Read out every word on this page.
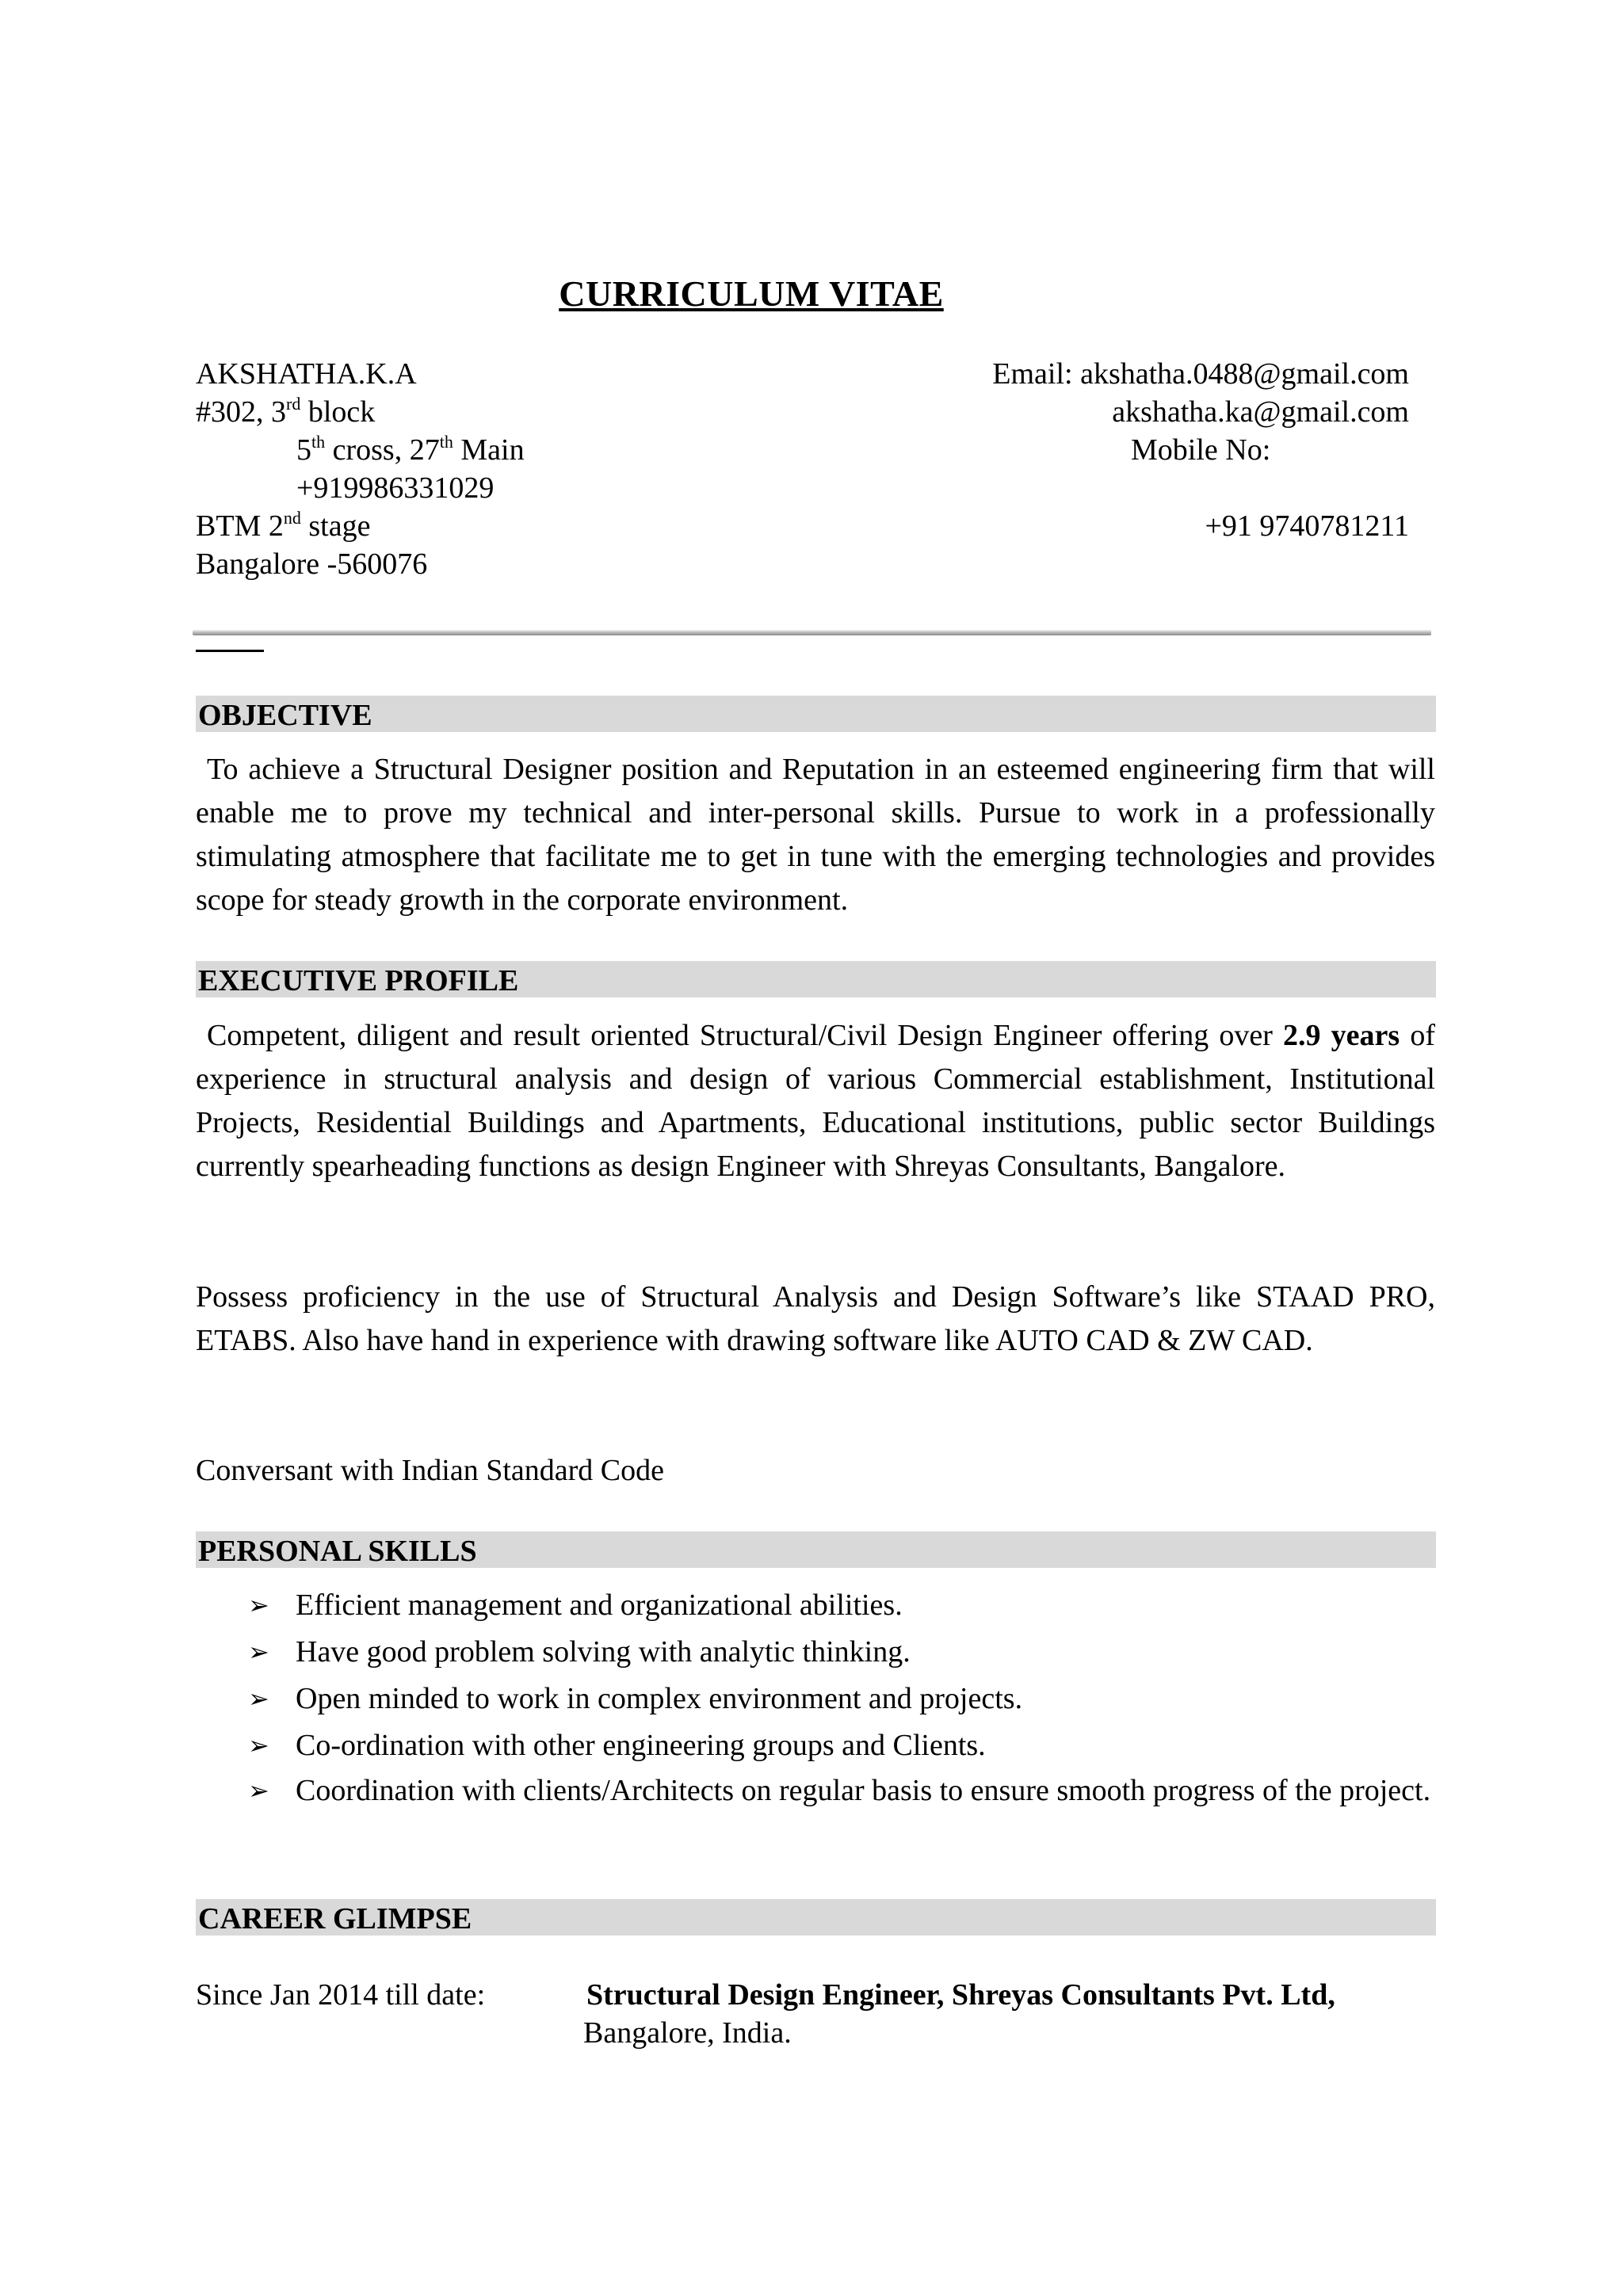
CURRICULUM VITAE
AKSHATHA.K.A
#302, 3rd block
5th cross, 27th Main
+919986331029
BTM 2nd stage
Bangalore -560076
Email: akshatha.0488@gmail.com
akshatha.ka@gmail.com
Mobile No:
+91 9740781211
OBJECTIVE
To achieve a Structural Designer position and Reputation in an esteemed engineering firm that will enable me to prove my technical and inter-personal skills. Pursue to work in a professionally stimulating atmosphere that facilitate me to get in tune with the emerging technologies and provides scope for steady growth in the corporate environment.
EXECUTIVE PROFILE
Competent, diligent and result oriented Structural/Civil Design Engineer offering over 2.9 years of experience in structural analysis and design of various Commercial establishment, Institutional Projects, Residential Buildings and Apartments, Educational institutions, public sector Buildings currently spearheading functions as design Engineer with Shreyas Consultants, Bangalore.
Possess proficiency in the use of Structural Analysis and Design Software’s like STAAD PRO, ETABS. Also have hand in experience with drawing software like AUTO CAD & ZW CAD.
Conversant with Indian Standard Code
PERSONAL SKILLS
➢ Efficient management and organizational abilities.
➢ Have good problem solving with analytic thinking.
➢ Open minded to work in complex environment and projects.
➢ Co-ordination with other engineering groups and Clients.
➢ Coordination with clients/Architects on regular basis to ensure smooth progress of the project.
CAREER GLIMPSE
Since Jan 2014 till date:	Structural Design Engineer, Shreyas Consultants Pvt. Ltd,
Bangalore, India.
